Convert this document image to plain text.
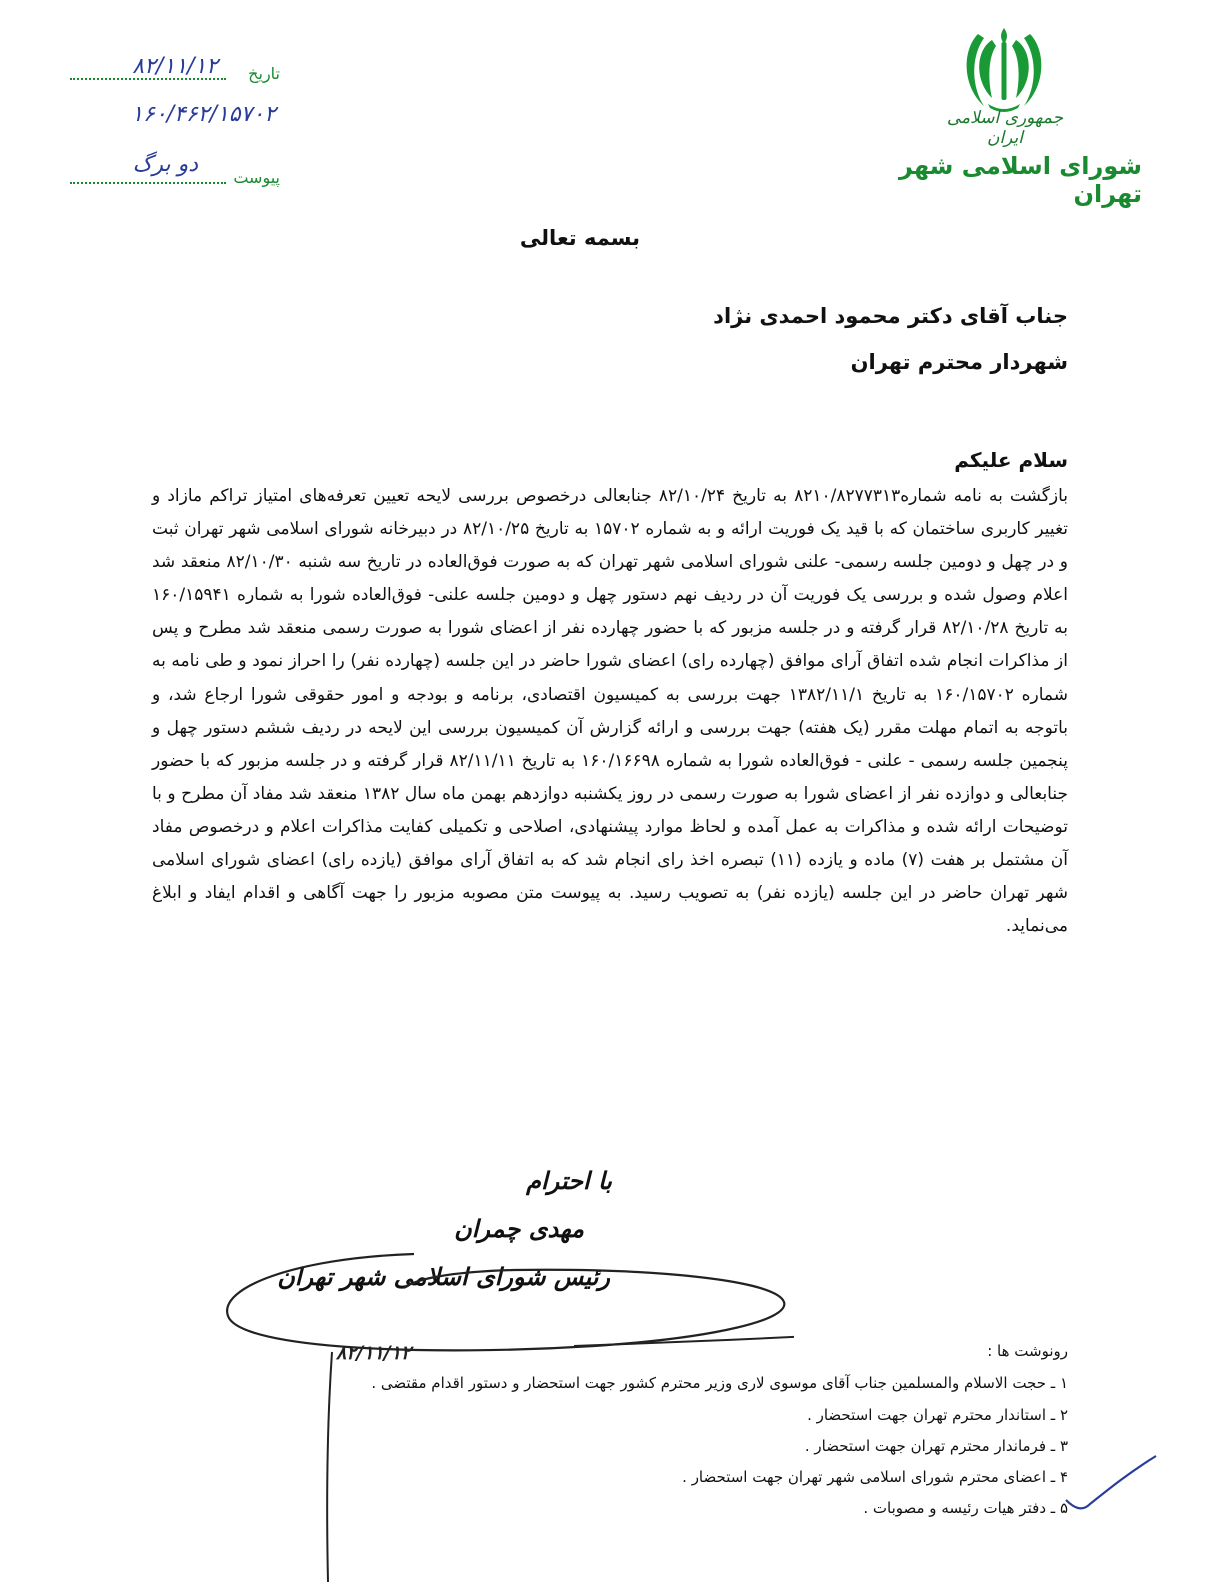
جمهوری اسلامی ایران
شورای اسلامی شهر تهران
تاریخ
۸۲/۱۱/۱۲
۱۶۰/۴۶۲/۱۵۷۰۲
پیوست
دو برگ
بسمه تعالی
جناب آقای دکتر محمود احمدی نژاد
شهردار محترم تهران
سلام علیکم
بازگشت به نامه شماره۸۲۱۰/۸۲۷۷۳۱۳ به تاریخ ۸۲/۱۰/۲۴ جنابعالی درخصوص بررسی لایحه تعیین تعرفه‌های امتیاز تراکم مازاد و تغییر کاربری ساختمان که با قید یک فوریت ارائه و به شماره ۱۵۷۰۲ به تاریخ ۸۲/۱۰/۲۵ در دبیرخانه شورای اسلامی شهر تهران ثبت و در چهل و دومین جلسه رسمی- علنی شورای اسلامی شهر تهران که به صورت فوق‌العاده در تاریخ سه شنبه ۸۲/۱۰/۳۰ منعقد شد اعلام وصول شده و بررسی یک فوریت آن در ردیف نهم دستور چهل و دومین جلسه علنی- فوق‌العاده شورا به شماره ۱۶۰/۱۵۹۴۱ به تاریخ ۸۲/۱۰/۲۸ قرار گرفته و در جلسه مزبور که با حضور چهارده نفر از اعضای شورا به صورت رسمی منعقد شد مطرح و پس از مذاکرات انجام شده اتفاق آرای موافق (چهارده رای) اعضای شورا حاضر در این جلسه (چهارده نفر) را احراز نمود و طی نامه به شماره ۱۶۰/۱۵۷۰۲ به تاریخ ۱۳۸۲/۱۱/۱ جهت بررسی به کمیسیون اقتصادی، برنامه و بودجه و امور حقوقی شورا ارجاع شد، و باتوجه به اتمام مهلت مقرر (یک هفته) جهت بررسی و ارائه گزارش آن کمیسیون بررسی این لایحه در ردیف ششم دستور چهل و پنجمین جلسه رسمی - علنی - فوق‌العاده شورا به شماره ۱۶۰/۱۶۶۹۸ به تاریخ ۸۲/۱۱/۱۱ قرار گرفته و در جلسه مزبور که با حضور جنابعالی و دوازده نفر از اعضای شورا به صورت رسمی در روز یکشنبه دوازدهم بهمن ماه سال ۱۳۸۲ منعقد شد مفاد آن مطرح و با توضیحات ارائه شده و مذاکرات به عمل آمده و لحاظ موارد پیشنهادی، اصلاحی و تکمیلی کفایت مذاکرات اعلام و درخصوص مفاد آن مشتمل بر هفت (۷) ماده و یازده (۱۱) تبصره اخذ رای انجام شد که به اتفاق آرای موافق (یازده رای) اعضای شورای اسلامی شهر تهران حاضر در این جلسه (یازده نفر) به تصویب رسید. به پیوست متن مصوبه مزبور را جهت آگاهی و اقدام ایفاد و ابلاغ می‌نماید.
با احترام
مهدی چمران
رئیس شورای اسلامی شهر تهران
۸۲/۱۱/۱۲	رونوشت ها :
۱ ـ حجت الاسلام والمسلمین جناب آقای موسوی لاری وزیر محترم کشور جهت استحضار و دستور اقدام مقتضی .
۲ ـ استاندار محترم تهران جهت استحضار .
۳ ـ فرماندار محترم تهران جهت استحضار .
۴ ـ اعضای محترم شورای اسلامی شهر تهران جهت استحضار .
۵ ـ دفتر هیات رئیسه و مصوبات .
